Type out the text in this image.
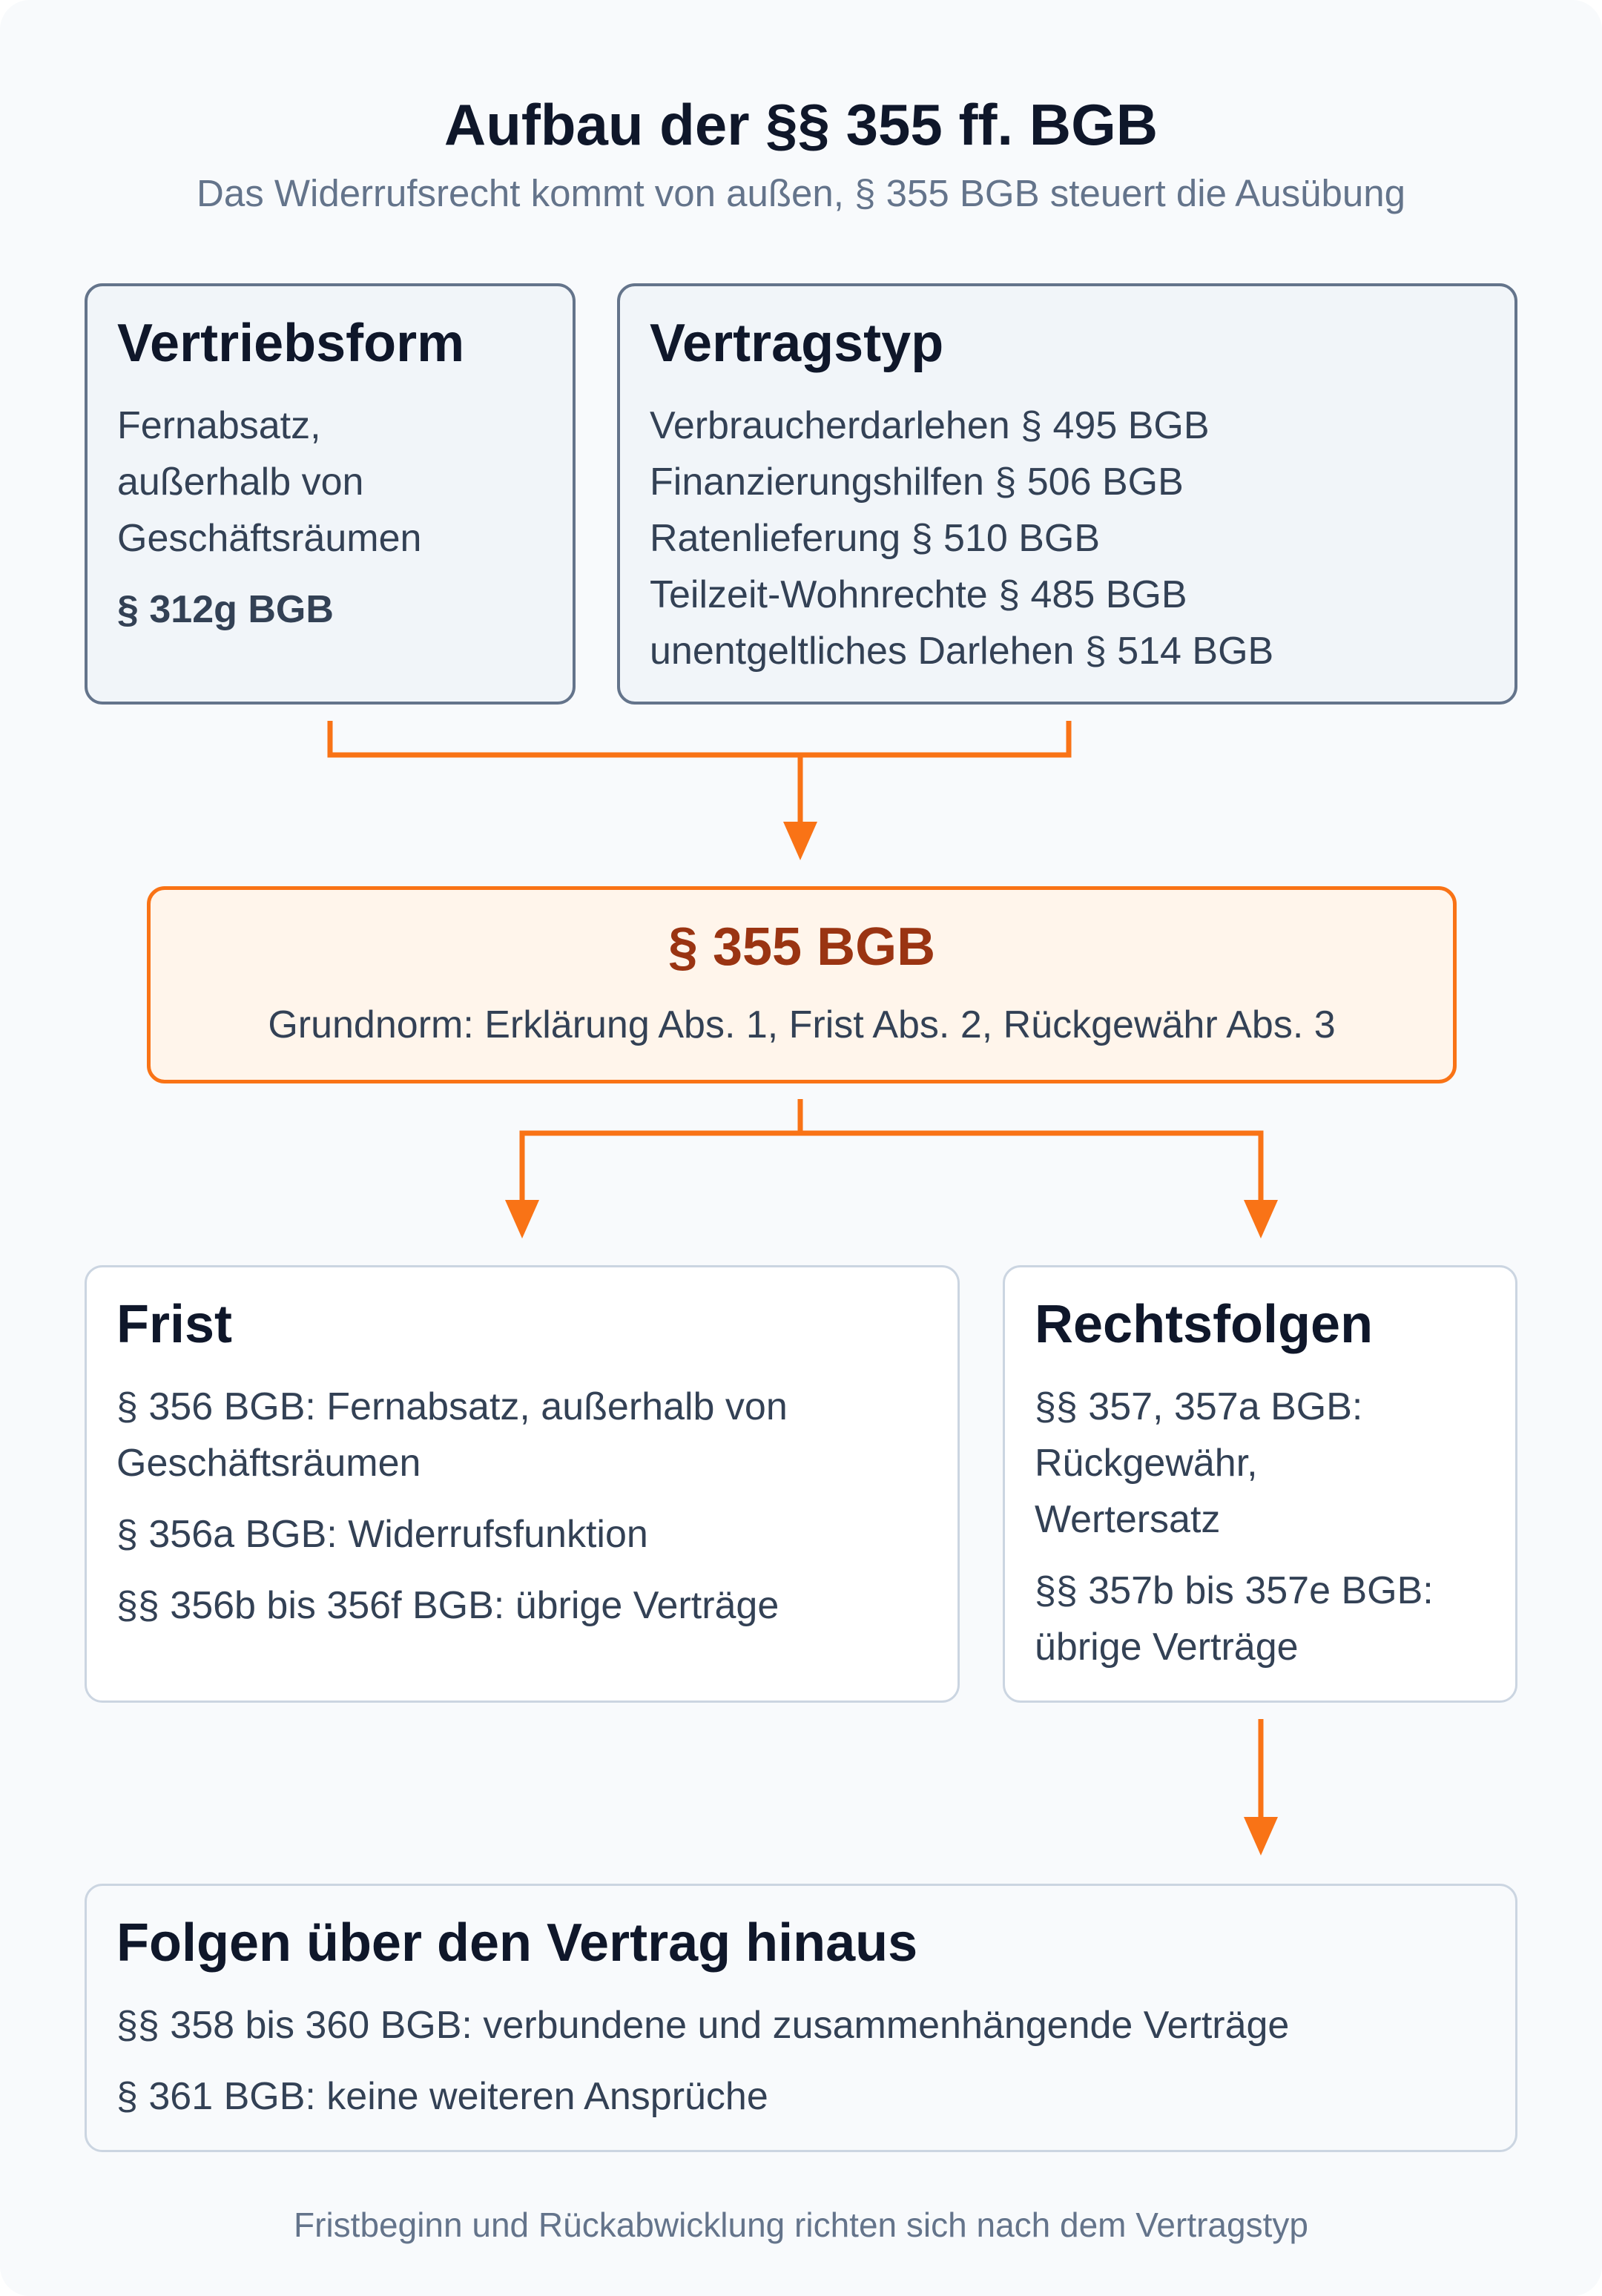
Aufbau der §§ 355 ff. BGB
Das Widerrufsrecht kommt von außen, § 355 BGB steuert die Ausübung
Vertriebsform
Fernabsatz,
außerhalb von
Geschäftsräumen
§ 312g BGB
Vertragstyp
Verbraucherdarlehen § 495 BGB
Finanzierungshilfen § 506 BGB
Ratenlieferung § 510 BGB
Teilzeit-Wohnrechte § 485 BGB
unentgeltliches Darlehen § 514 BGB
§ 355 BGB
Grundnorm: Erklärung Abs. 1, Frist Abs. 2, Rückgewähr Abs. 3
Frist
§ 356 BGB: Fernabsatz, außerhalb von
Geschäftsräumen
§ 356a BGB: Widerrufsfunktion
§§ 356b bis 356f BGB: übrige Verträge
Rechtsfolgen
§§ 357, 357a BGB:
Rückgewähr,
Wertersatz
§§ 357b bis 357e BGB:
übrige Verträge
Folgen über den Vertrag hinaus
§§ 358 bis 360 BGB: verbundene und zusammenhängende Verträge
§ 361 BGB: keine weiteren Ansprüche
Fristbeginn und Rückabwicklung richten sich nach dem Vertragstyp
